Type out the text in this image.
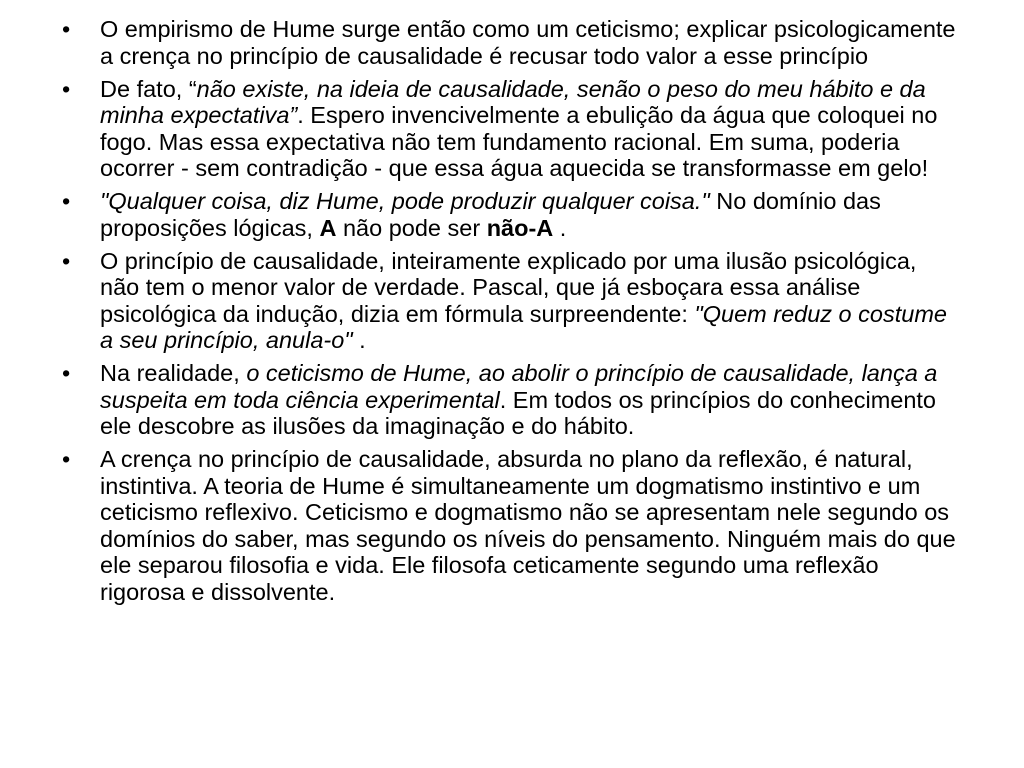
•	O empirismo de Hume surge então como um ceticismo; explicar psicologicamente a crença no princípio de causalidade é recusar todo valor a esse princípio
•	De fato, “não existe, na ideia de causalidade, senão o peso do meu hábito e da minha expectativa”. Espero invencivelmente a ebulição da água que coloquei no fogo. Mas essa expectativa não tem fundamento racional. Em suma, poderia ocorrer - sem contradição - que essa água aquecida se transformasse em gelo!
•	"Qualquer coisa, diz Hume, pode produzir qualquer coisa." No domínio das proposições lógicas, A não pode ser não-A .
•	O princípio de causalidade, inteiramente explicado por uma ilusão psicológica, não tem o menor valor de verdade. Pascal, que já esboçara essa análise psicológica da indução, dizia em fórmula surpreendente: "Quem reduz o costume a seu princípio, anula-o" .
•	Na realidade, o ceticismo de Hume, ao abolir o princípio de causalidade, lança a suspeita em toda ciência experimental. Em todos os princípios do conhecimento ele descobre as ilusões da imaginação e do hábito.
•	A crença no princípio de causalidade, absurda no plano da reflexão, é natural, instintiva. A teoria de Hume é simultaneamente um dogmatismo instintivo e um ceticismo reflexivo. Ceticismo e dogmatismo não se apresentam nele segundo os domínios do saber, mas segundo os níveis do pensamento. Ninguém mais do que ele separou filosofia e vida. Ele filosofa ceticamente segundo uma reflexão rigorosa e dissolvente.
